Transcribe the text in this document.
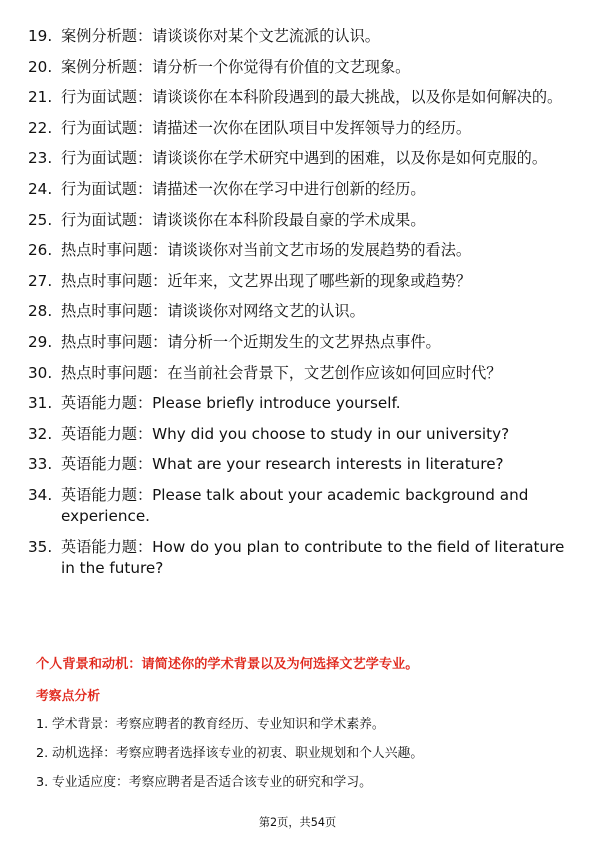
19. 案例分析题：请谈谈你对某个文艺流派的认识。
20. 案例分析题：请分析一个你觉得有价值的文艺现象。
21. 行为面试题：请谈谈你在本科阶段遇到的最大挑战，以及你是如何解决的。
22. 行为面试题：请描述一次你在团队项目中发挥领导力的经历。
23. 行为面试题：请谈谈你在学术研究中遇到的困难，以及你是如何克服的。
24. 行为面试题：请描述一次你在学习中进行创新的经历。
25. 行为面试题：请谈谈你在本科阶段最自豪的学术成果。
26. 热点时事问题：请谈谈你对当前文艺市场的发展趋势的看法。
27. 热点时事问题：近年来，文艺界出现了哪些新的现象或趋势？
28. 热点时事问题：请谈谈你对网络文艺的认识。
29. 热点时事问题：请分析一个近期发生的文艺界热点事件。
30. 热点时事问题：在当前社会背景下，文艺创作应该如何回应时代？
31. 英语能力题：Please briefly introduce yourself.
32. 英语能力题：Why did you choose to study in our university?
33. 英语能力题：What are your research interests in literature?
34. 英语能力题：Please talk about your academic background and experience.
35. 英语能力题：How do you plan to contribute to the field of literature in the future?
个人背景和动机：请简述你的学术背景以及为何选择文艺学专业。
考察点分析
1. 学术背景：考察应聘者的教育经历、专业知识和学术素养。
2. 动机选择：考察应聘者选择该专业的初衷、职业规划和个人兴趣。
3. 专业适应度：考察应聘者是否适合该专业的研究和学习。
第2页，共54页
